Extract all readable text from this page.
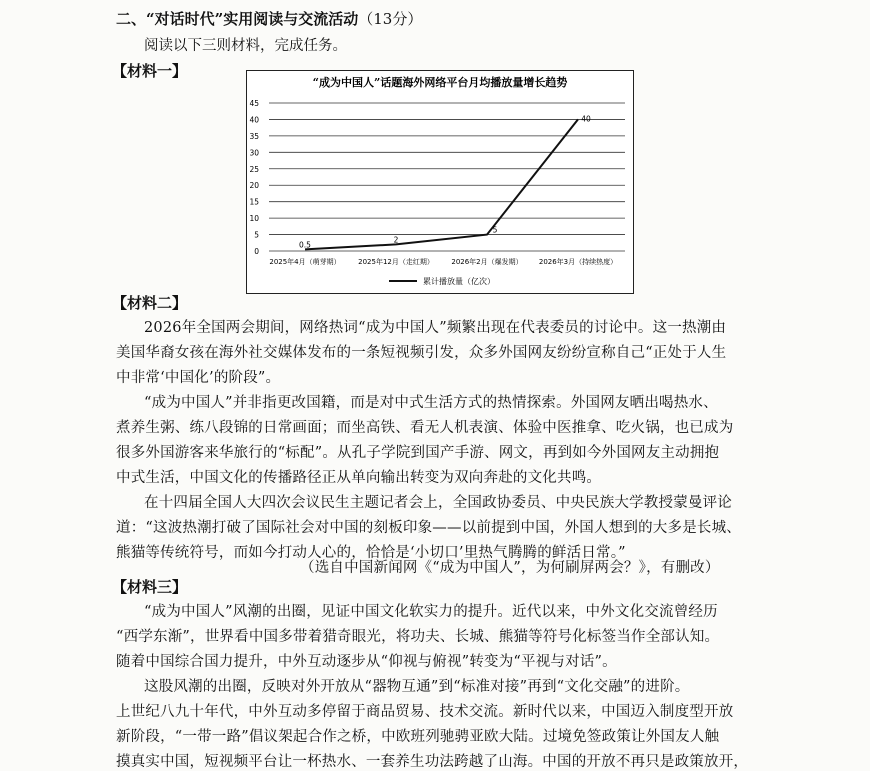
二、“对话时代”实用阅读与交流活动（13分）
阅读以下三则材料，完成任务。
【材料一】
“成为中国人”话题海外网络平台月均播放量增长趋势
0
5
10
15
20
25
30
35
40
45
2025年4月（萌芽期） 2025年12月（走红期） 2026年2月（爆发期） 2026年3月（持续热度）
0.5
2
5
40
累计播放量（亿次）
【材料二】
2026年全国两会期间，网络热词“成为中国人”频繁出现在代表委员的讨论中。这一热潮由
美国华裔女孩在海外社交媒体发布的一条短视频引发，众多外国网友纷纷宣称自己“正处于人生
中非常‘中国化’的阶段”。
“成为中国人”并非指更改国籍，而是对中式生活方式的热情探索。外国网友晒出喝热水、
煮养生粥、练八段锦的日常画面；而坐高铁、看无人机表演、体验中医推拿、吃火锅，也已成为
很多外国游客来华旅行的“标配”。从孔子学院到国产手游、网文，再到如今外国网友主动拥抱
中式生活，中国文化的传播路径正从单向输出转变为双向奔赴的文化共鸣。
在十四届全国人大四次会议民生主题记者会上，全国政协委员、中央民族大学教授蒙曼评论
道：“这波热潮打破了国际社会对中国的刻板印象——以前提到中国，外国人想到的大多是长城、
熊猫等传统符号，而如今打动人心的，恰恰是‘小切口’里热气腾腾的鲜活日常。”
（选自中国新闻网《“成为中国人”，为何刷屏两会？》，有删改）
【材料三】
“成为中国人”风潮的出圈，见证中国文化软实力的提升。近代以来，中外文化交流曾经历
“西学东渐”，世界看中国多带着猎奇眼光，将功夫、长城、熊猫等符号化标签当作全部认知。
随着中国综合国力提升，中外互动逐步从“仰视与俯视”转变为“平视与对话”。
这股风潮的出圈，反映对外开放从“器物互通”到“标准对接”再到“文化交融”的进阶。
上世纪八九十年代，中外互动多停留于商品贸易、技术交流。新时代以来，中国迈入制度型开放
新阶段，“一带一路”倡议架起合作之桥，中欧班列驰骋亚欧大陆。过境免签政策让外国友人触
摸真实中国，短视频平台让一杯热水、一套养生功法跨越了山海。中国的开放不再只是政策放开，
